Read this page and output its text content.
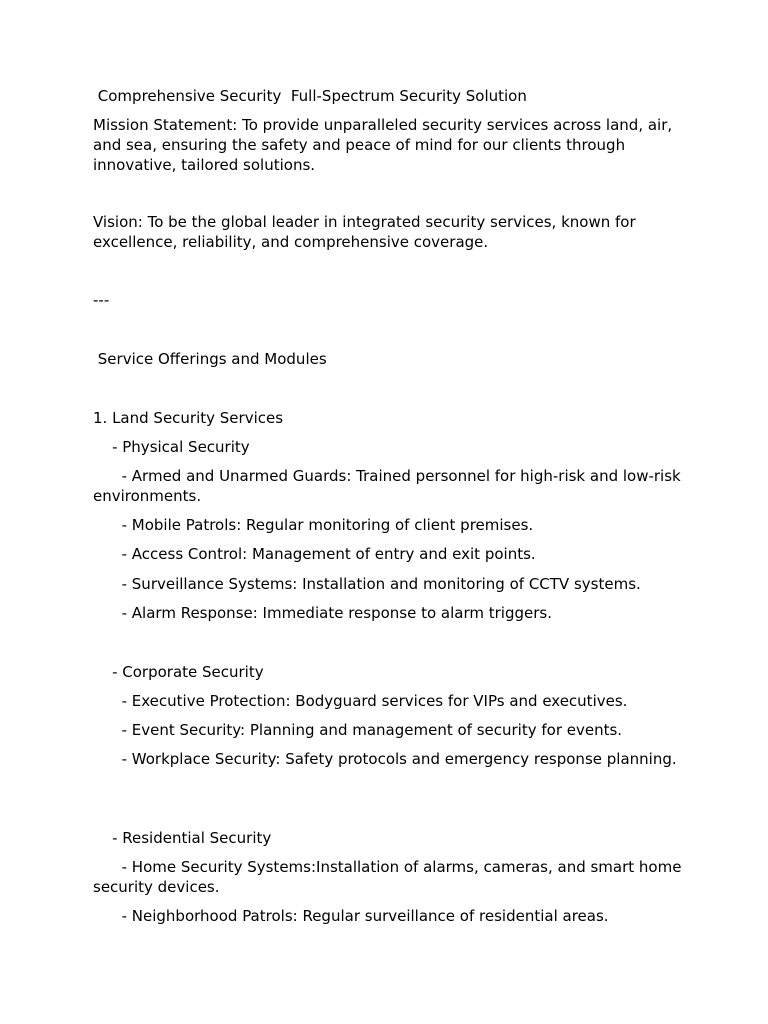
Comprehensive Security  Full-Spectrum Security Solution

Mission Statement: To provide unparalleled security services across land, air, and sea, ensuring the safety and peace of mind for our clients through innovative, tailored solutions.

Vision: To be the global leader in integrated security services, known for excellence, reliability, and comprehensive coverage.

---

Service Offerings and Modules

1. Land Security Services

- Physical Security

- Armed and Unarmed Guards: Trained personnel for high-risk and low-risk environments.

- Mobile Patrols: Regular monitoring of client premises.

- Access Control: Management of entry and exit points.

- Surveillance Systems: Installation and monitoring of CCTV systems.

- Alarm Response: Immediate response to alarm triggers.

- Corporate Security

- Executive Protection: Bodyguard services for VIPs and executives.

- Event Security: Planning and management of security for events.

- Workplace Security: Safety protocols and emergency response planning.

- Residential Security

- Home Security Systems:Installation of alarms, cameras, and smart home security devices.

- Neighborhood Patrols: Regular surveillance of residential areas.
